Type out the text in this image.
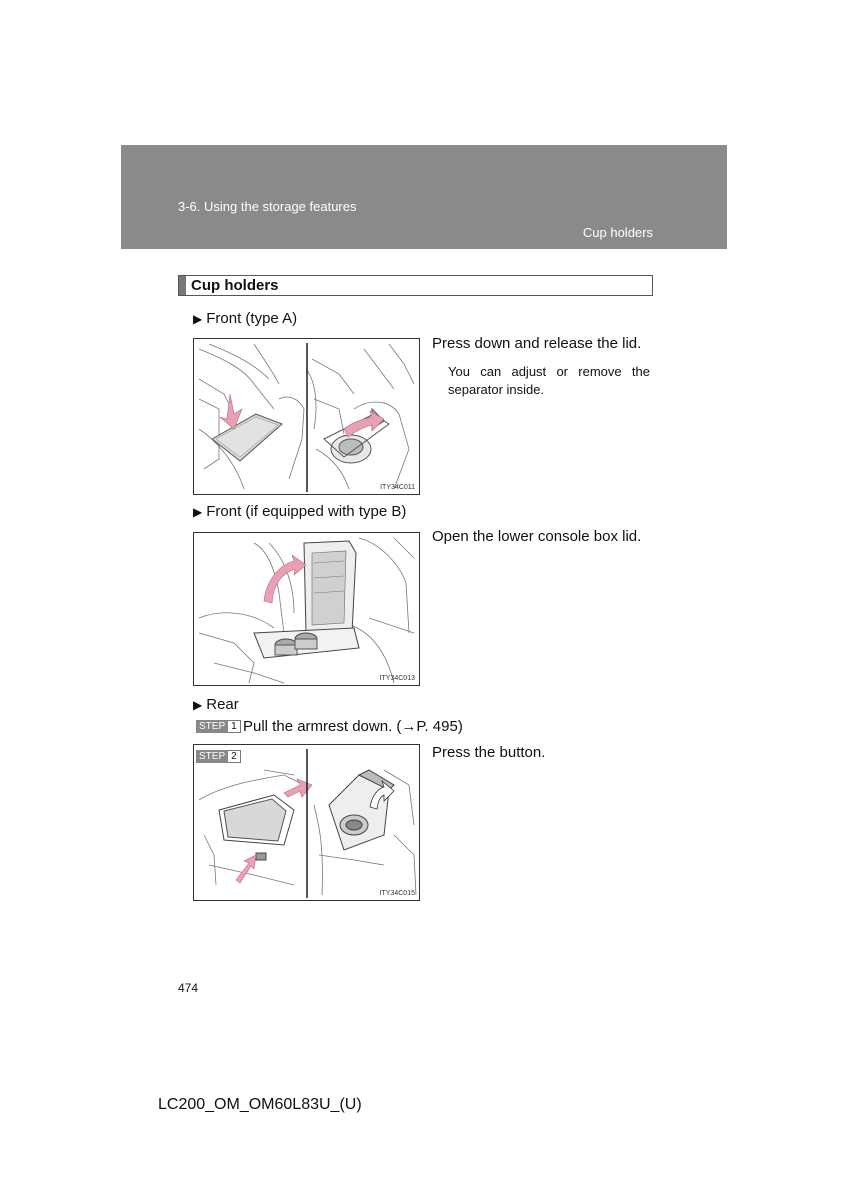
3-6. Using the storage features
Cup holders
Cup holders
▶ Front (type A)
ITY34C011
Press down and release the lid.
You can adjust or remove the separator inside.
▶ Front (if equipped with type B)
ITY34C013
Open the lower console box lid.
▶ Rear
STEP 1 Pull the armrest down. (→P. 495)
STEP 2
ITY34C015
Press the button.
474
LC200_OM_OM60L83U_(U)
